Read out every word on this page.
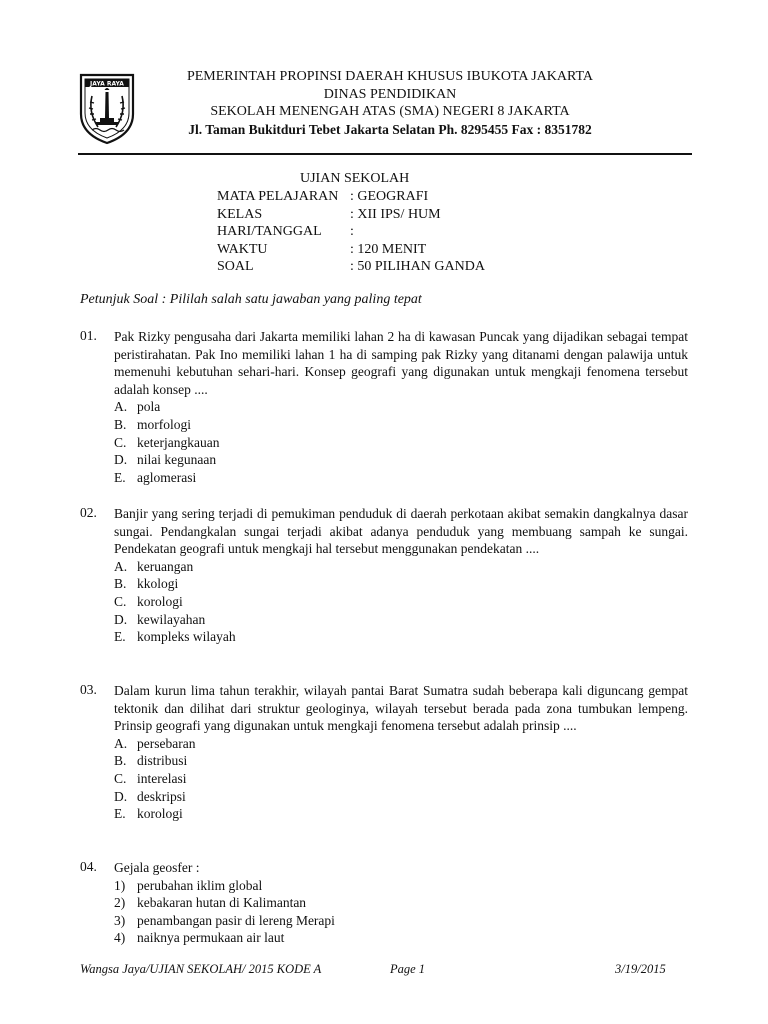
JAYA RAYA	PEMERINTAH PROPINSI DAERAH KHUSUS IBUKOTA JAKARTA
DINAS PENDIDIKAN
SEKOLAH MENENGAH ATAS (SMA) NEGERI 8 JAKARTA
Jl. Taman Bukitduri Tebet Jakarta Selatan Ph. 8295455 Fax : 8351782
UJIAN SEKOLAH
MATA PELAJARAN : GEOGRAFI
KELAS	: XII IPS/ HUM
HARI/TANGGAL	:
WAKTU	: 120 MENIT
SOAL	: 50 PILIHAN GANDA
Petunjuk Soal : Pililah salah satu jawaban yang paling tepat
01. Pak Rizky pengusaha dari Jakarta memiliki lahan 2 ha di kawasan Puncak yang dijadikan sebagai tempat peristirahatan. Pak Ino memiliki lahan 1 ha di samping pak Rizky yang ditanami dengan palawija untuk memenuhi kebutuhan sehari-hari. Konsep geografi yang digunakan untuk mengkaji fenomena tersebut adalah konsep ....
A. pola
B. morfologi
C. keterjangkauan
D. nilai kegunaan
E. aglomerasi
02. Banjir yang sering terjadi di pemukiman penduduk di daerah perkotaan akibat semakin dangkalnya dasar sungai. Pendangkalan sungai terjadi akibat adanya penduduk yang membuang sampah ke sungai. Pendekatan geografi untuk mengkaji hal tersebut menggunakan pendekatan ....
A. keruangan
B. kkologi
C. korologi
D. kewilayahan
E. kompleks wilayah
03. Dalam kurun lima tahun terakhir, wilayah pantai Barat Sumatra sudah beberapa kali diguncang gempat tektonik dan dilihat dari struktur geologinya, wilayah tersebut berada pada zona tumbukan lempeng. Prinsip geografi yang digunakan untuk mengkaji fenomena tersebut adalah prinsip ....
A. persebaran
B. distribusi
C. interelasi
D. deskripsi
E. korologi
04. Gejala geosfer :
1) perubahan iklim global
2) kebakaran hutan di Kalimantan
3) penambangan pasir di lereng Merapi
4) naiknya permukaan air laut
Wangsa Jaya/UJIAN SEKOLAH/ 2015 KODE A	Page 1	3/19/2015
